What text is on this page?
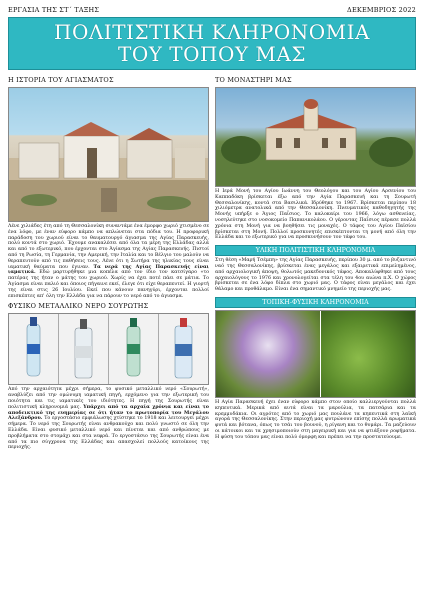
ΕΡΓΑΣΙΑ ΤΗΣ ΣΤ΄ ΤΑΞΗΣ	ΔΕΚΕΜΒΡΙΟΣ 2022
ΠΟΛΙΤΙΣΤΙΚΗ ΚΛΗΡΟΝΟΜΙΑ
ΤΟΥ ΤΟΠΟΥ ΜΑΣ
Η ΙΣΤΟΡΙΑ ΤΟΥ ΑΓΙΑΣΜΑΤΟΣ
Λένε χιλιάδες έτη από τη Θεσσαλονίκη συναντάμε ένα έμορφο χωριό χτισμένο σε ένα λόφο, με έναν εύφορο κάμπο να απλώνεται στα πόδια του. Η προφορική παράδοση του χωριού είναι το θαυματουργό άγιασμα της Αγίας Παρασκευής, πολύ κοντά στο χωριό. Έχουμε ανακαλέσει από όλα τα μέρη της Ελλάδας αλλά και από το εξωτερικό, που έρχονται στο Άγίασμα της Αγίας Παρασκευής. Πιστοί από τη Ρωσία, τη Γερμανία, την Αμερική, την Ιταλία και το Βέλγιο του μαλούν να θεραπευτούν από τις παθήσεις τους. Λένε ότι η Σωτήρα της ηλικίας τους είναι ιαματική θαύματα που έγιναν. Τα νερά της Αγίας Παρασκευής είναι ιαματικά. Εδώ μαρτυρήθηκε μια κοπέλα από τον ίδιο τον κατσίγαρο «το πατέρας της ήταν ο μάτης του χωριού. Χωρίς να έχει ποτέ πάει σε μάτια. Το Άγίασμα είναι παλιό και όποιος πήγαινε εκεί, έλεγε ότι είχε θεραπευτεί. Η γιορτή της είναι στις 26 Ιουλίου. Εκεί που κάνουν πανηγύρι, έρχονται πολλοί επισκέπτες απ' όλη την Ελλάδα για να πάρουν το νερό από το άγιασμα.
ΦΥΣΙΚΟ ΜΕΤΑΛΛΙΚΟ ΝΕΡΟ ΣΟΥΡΩΤΗΣ
Από την αρχαιότητα μέχρι σήμερα, το φυσικό μεταλλικό νερό «Σουρωτή», αναβλύζει από την ομώνυμη ιαματική πηγή, ερχόμενο για την εξωτερική του ποιότητα και τις ιαματικές του ιδιότητες. Η πηγή της Σουρωτής είναι πολιτιστική κληρονομιά μας. Υπάρχει από τα αρχαία χρόνια και είναι το αποδεικτικό της ευημερίας σε ότι ήταν το πρωτοπορία του Μεγάλου Αλεξάνδρου. Το εργοστάσιο εμφιάλωσης χτίστηκε το 1918 και λειτουργεί μέχρι σήμερα. Το νερό της Σουρωτής είναι ανθρακούχο και πολύ γνωστό σε όλη την Ελλάδα. Είναι φυσικό μεταλλικό νερό και πίνεται και από ανθρώπους με προβλήματα στο στομάχι και στα νεφρά. Το εργοστάσιο της Σουρωτής είναι ένα από τα πιο σύγχρονα της Ελλάδας και απασχολεί πολλούς κατοίκους της περιοχής.
ΤΟ ΜΟΝΑΣΤΗΡΙ ΜΑΣ
Η Ιερά Μονή του Αγίου Ιωάννη του Θεολόγου και του Αγίου Αρσενίου του Καππαδόκη βρίσκεται έξω από την Αγία Παρασκευή και τη Σουρωτή Θεσσαλονίκης, κοντά στα Βασιλικά. Ιδρύθηκε το 1967. Βρίσκεται περίπου 18 χιλιόμετρα ανατολικά από την Θεσσαλονίκη. Πνευματικός καθοδηγητής της Μονής υπήρξε ο Άγιος Παΐσιος. Το καλοκαίρι του 1966, λόγω ασθενείας, νοσηλεύτηκε στο νοσοκομείο Παπανικολάου. Ο γέροντας Παΐσιος πέρασε πολλά χρόνια στη Μονή για να βοηθήσει τις μοναχές. Ο τάφος του Αγίου Παϊσίου βρίσκεται στη Μονή. Πολλοί προσκυνητές επισκέπτονται τη μονή από όλη την Ελλάδα και το εξωτερικό για να προσκυνήσουν τον τάφο του.
ΥΛΙΚΗ ΠΟΛΙΤΙΣΤΙΚΗ ΚΛΗΡΟΝΟΜΙΑ
Στη θέση «Μαρή Τσέμπη» της Αγίας Παρασκευής, περίπου 30 μ. από το βυζαντινό ναό της Θεσσαλονίκης, βρίσκεται ένας μεγάλος και εξαιρετικά επιμελημένος, από αρχαιολογική άποψη, θολωτός μακεδονικός τάφος. Αποκαλύφθηκε από τους αρχαιολόγους το 1976 και χρονολογείται στα τέλη του 4ου αιώνα π.Χ. Ο χώρος βρίσκεται σε ένα λόφο δίπλα στο χωριό μας. Ο τάφος είναι μεγάλος και έχει θάλαμο και προθάλαμο. Είναι ένα σημαντικό μνημείο της περιοχής μας.
ΤΟΠΙΚΗ-ΦΥΣΙΚΗ ΚΛΗΡΟΝΟΜΙΑ
Η Αγία Παρασκευή έχει έναν εύφορο κάμπο στον οποίο καλλιεργούνται πολλά κηπευτικά. Μερικά από αυτά είναι τα μαρούλια, τα πατσάρια και τα κρεμμυδάκια. Οι αγρότες από το χωριό μας πουλάνε τα κηπευτικά στη λαϊκή αγορά της Θεσσαλονίκης. Στην περιοχή μας φυτρώνουν επίσης πολλά αρωματικά φυτά και βότανα, όπως το τσάι του βουνού, η ρίγανη και το θυμάρι. Τα μαζεύουν οι κάτοικοι και τα χρησιμοποιούν στη μαγειρική και για να φτιάξουν ροφήματα. Η φύση του τόπου μας είναι πολύ όμορφη και πρέπει να την προστατεύουμε.
